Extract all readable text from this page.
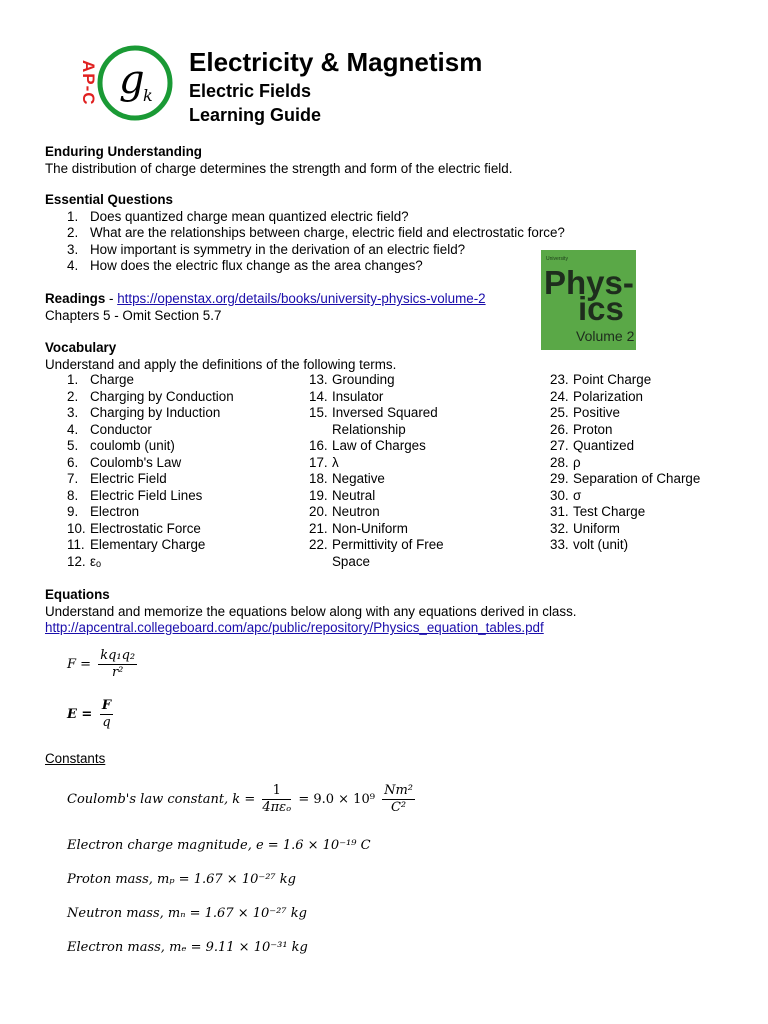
AP-C g
k
Electricity & Magnetism
Electric Fields
Learning Guide
Enduring Understanding
The distribution of charge determines the strength and form of the electric field.
Essential Questions
1. Does quantized charge mean quantized electric field?
2. What are the relationships between charge, electric field and electrostatic force?
3. How important is symmetry in the derivation of an electric field?
4. How does the electric flux change as the area changes?	University
Phys-
ics
Volume 2
Readings - https://openstax.org/details/books/university-physics-volume-2
Chapters 5 - Omit Section 5.7
Vocabulary
Understand and apply the definitions of the following terms.
1. Charge
2. Charging by Conduction
3. Charging by Induction
4. Conductor
5. coulomb (unit)
6. Coulomb's Law
7. Electric Field
8. Electric Field Lines
9. Electron
10. Electrostatic Force
11. Elementary Charge
12. εₒ
13. Grounding
14. Insulator
15. Inversed Squared
Relationship
16. Law of Charges
17. λ
18. Negative
19. Neutral
20. Neutron
21. Non-Uniform
22. Permittivity of Free
Space
23. Point Charge
24. Polarization
25. Positive
26. Proton
27. Quantized
28. ρ
29. Separation of Charge
30. σ
31. Test Charge
32. Uniform
33. volt (unit)
Equations
Understand and memorize the equations below along with any equations derived in class.
http://apcentral.collegeboard.com/apc/public/repository/Physics_equation_tables.pdf
$F = \frac{\text{kq₁q₂}}{\text{r²}}$
$E = \frac{F}{q}$
Constants
Coulomb's law constant, $k = \frac{1}{\text{4πεₒ}} = 9.0 \times 10^9 \frac{\text{Nm²}}{\text{C²}}$
Electron charge magnitude, e = 1.6 × 10⁻¹⁹ C
Proton mass, mₚ = 1.67 × 10⁻²⁷ kg
Neutron mass, mₙ = 1.67 × 10⁻²⁷ kg
Electron mass, mₑ = 9.11 × 10⁻³¹ kg
